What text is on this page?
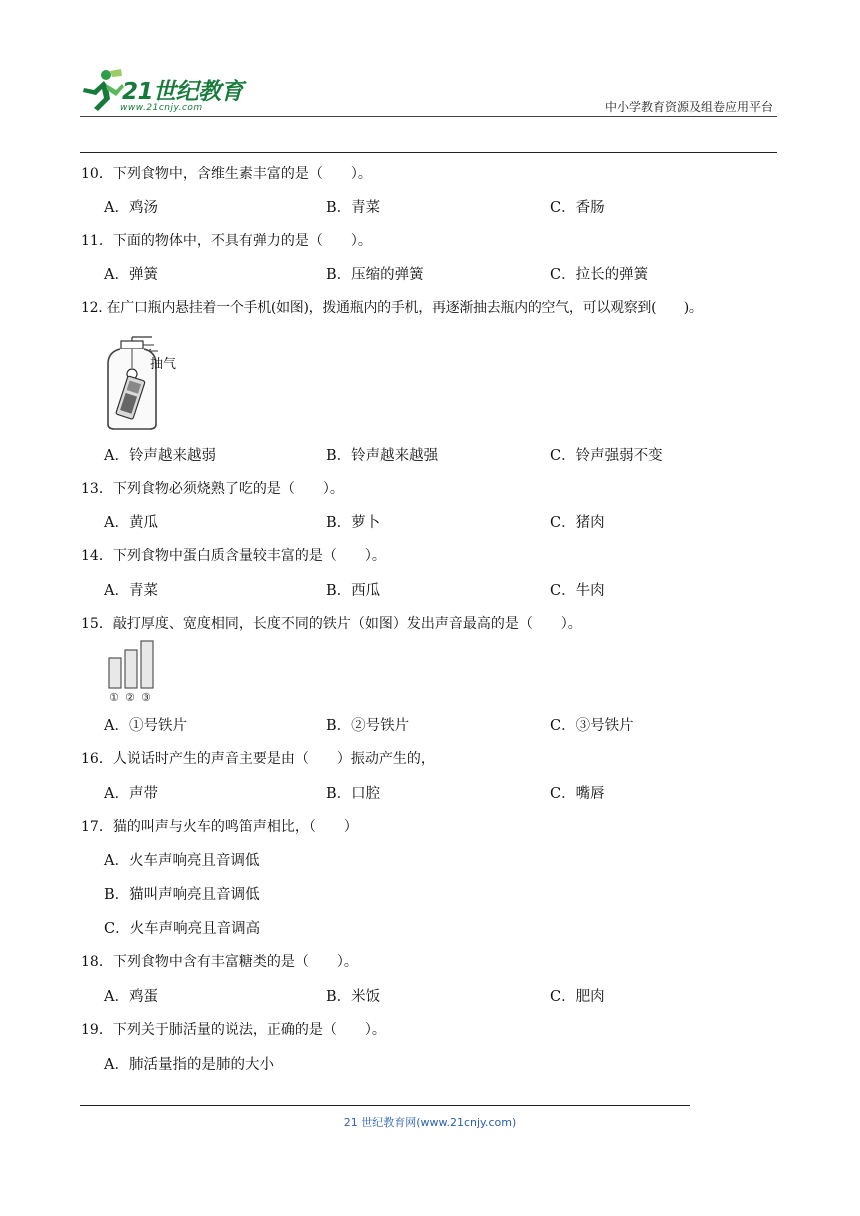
21世纪教育
www.21cnjy.com	中小学教育资源及组卷应用平台
10．下列食物中，含维生素丰富的是（　　）。
A．鸡汤	B．青菜	C．香肠
11．下面的物体中，不具有弹力的是（　　）。
A．弹簧	B．压缩的弹簧	C．拉长的弹簧
12. 在广口瓶内悬挂着一个手机(如图)，拨通瓶内的手机，再逐渐抽去瓶内的空气，可以观察到(　　)。
抽气
A．铃声越来越弱	B．铃声越来越强	C．铃声强弱不变
13．下列食物必须烧熟了吃的是（　　）。
A．黄瓜	B．萝卜	C．猪肉
14．下列食物中蛋白质含量较丰富的是（　　）。
A．青菜	B．西瓜	C．牛肉
15．敲打厚度、宽度相同，长度不同的铁片（如图）发出声音最高的是（　　）。
① ② ③
A．①号铁片	B．②号铁片	C．③号铁片
16．人说话时产生的声音主要是由（　　）振动产生的，
A．声带	B．口腔	C．嘴唇
17．猫的叫声与火车的鸣笛声相比，（　　）
A．火车声响亮且音调低
B．猫叫声响亮且音调低
C．火车声响亮且音调高
18．下列食物中含有丰富糖类的是（　　）。
A．鸡蛋	B．米饭	C．肥肉
19．下列关于肺活量的说法，正确的是（　　）。
A．肺活量指的是肺的大小
21 世纪教育网(www.21cnjy.com)
